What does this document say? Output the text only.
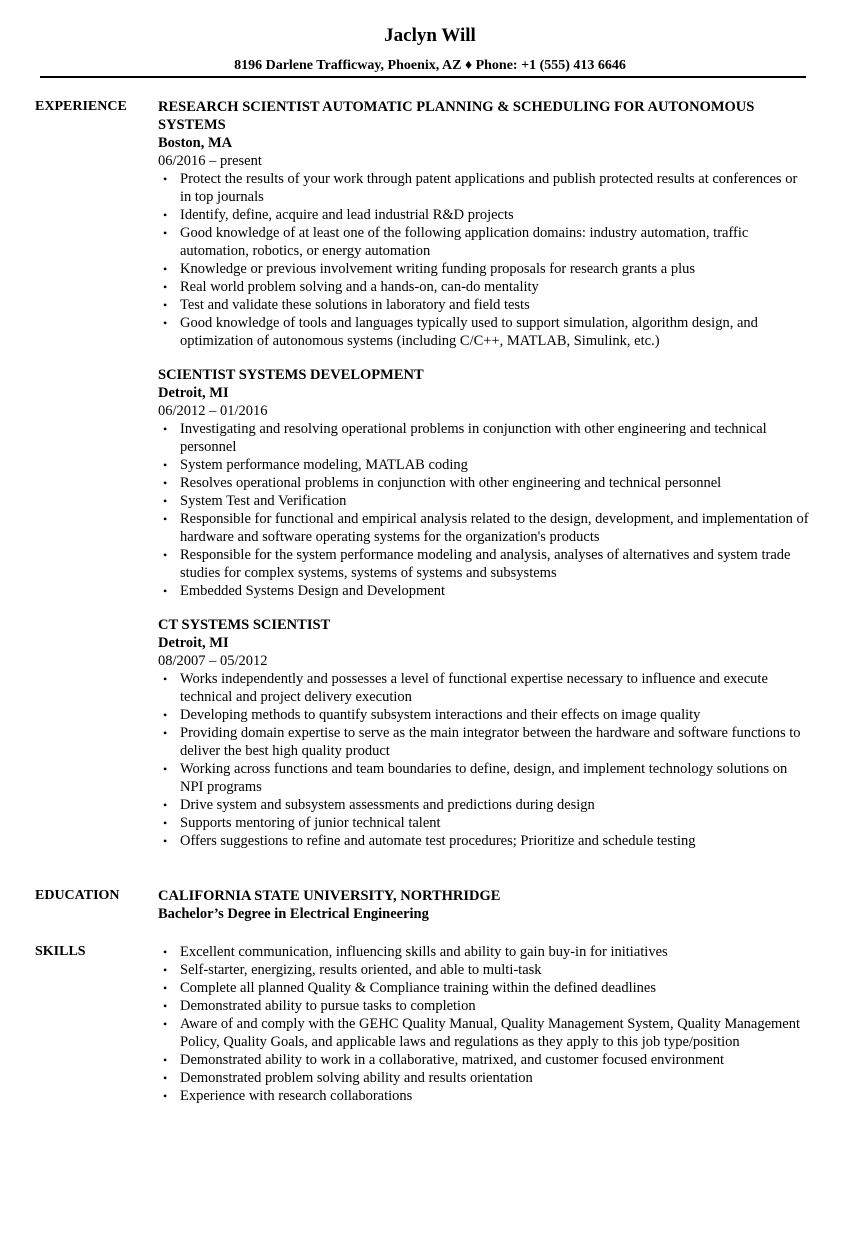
Jaclyn Will
8196 Darlene Trafficway, Phoenix, AZ ♦ Phone: +1 (555) 413 6646
EXPERIENCE	RESEARCH SCIENTIST AUTOMATIC PLANNING & SCHEDULING FOR AUTONOMOUS SYSTEMS
Boston, MA
06/2016 – present
• Protect the results of your work through patent applications and publish protected results at conferences or in top journals
• Identify, define, acquire and lead industrial R&D projects
• Good knowledge of at least one of the following application domains: industry automation, traffic automation, robotics, or energy automation
• Knowledge or previous involvement writing funding proposals for research grants a plus
• Real world problem solving and a hands-on, can-do mentality
• Test and validate these solutions in laboratory and field tests
• Good knowledge of tools and languages typically used to support simulation, algorithm design, and optimization of autonomous systems (including C/C++, MATLAB, Simulink, etc.)
SCIENTIST SYSTEMS DEVELOPMENT
Detroit, MI
06/2012 – 01/2016
• Investigating and resolving operational problems in conjunction with other engineering and technical personnel
• System performance modeling, MATLAB coding
• Resolves operational problems in conjunction with other engineering and technical personnel
• System Test and Verification
• Responsible for functional and empirical analysis related to the design, development, and implementation of hardware and software operating systems for the organization's products
• Responsible for the system performance modeling and analysis, analyses of alternatives and system trade studies for complex systems, systems of systems and subsystems
• Embedded Systems Design and Development
CT SYSTEMS SCIENTIST
Detroit, MI
08/2007 – 05/2012
• Works independently and possesses a level of functional expertise necessary to influence and execute technical and project delivery execution
• Developing methods to quantify subsystem interactions and their effects on image quality
• Providing domain expertise to serve as the main integrator between the hardware and software functions to deliver the best high quality product
• Working across functions and team boundaries to define, design, and implement technology solutions on NPI programs
• Drive system and subsystem assessments and predictions during design
• Supports mentoring of junior technical talent
• Offers suggestions to refine and automate test procedures; Prioritize and schedule testing
EDUCATION	CALIFORNIA STATE UNIVERSITY, NORTHRIDGE
Bachelor’s Degree in Electrical Engineering
SKILLS	• Excellent communication, influencing skills and ability to gain buy-in for initiatives
• Self-starter, energizing, results oriented, and able to multi-task
• Complete all planned Quality & Compliance training within the defined deadlines
• Demonstrated ability to pursue tasks to completion
• Aware of and comply with the GEHC Quality Manual, Quality Management System, Quality Management Policy, Quality Goals, and applicable laws and regulations as they apply to this job type/position
• Demonstrated ability to work in a collaborative, matrixed, and customer focused environment
• Demonstrated problem solving ability and results orientation
• Experience with research collaborations
